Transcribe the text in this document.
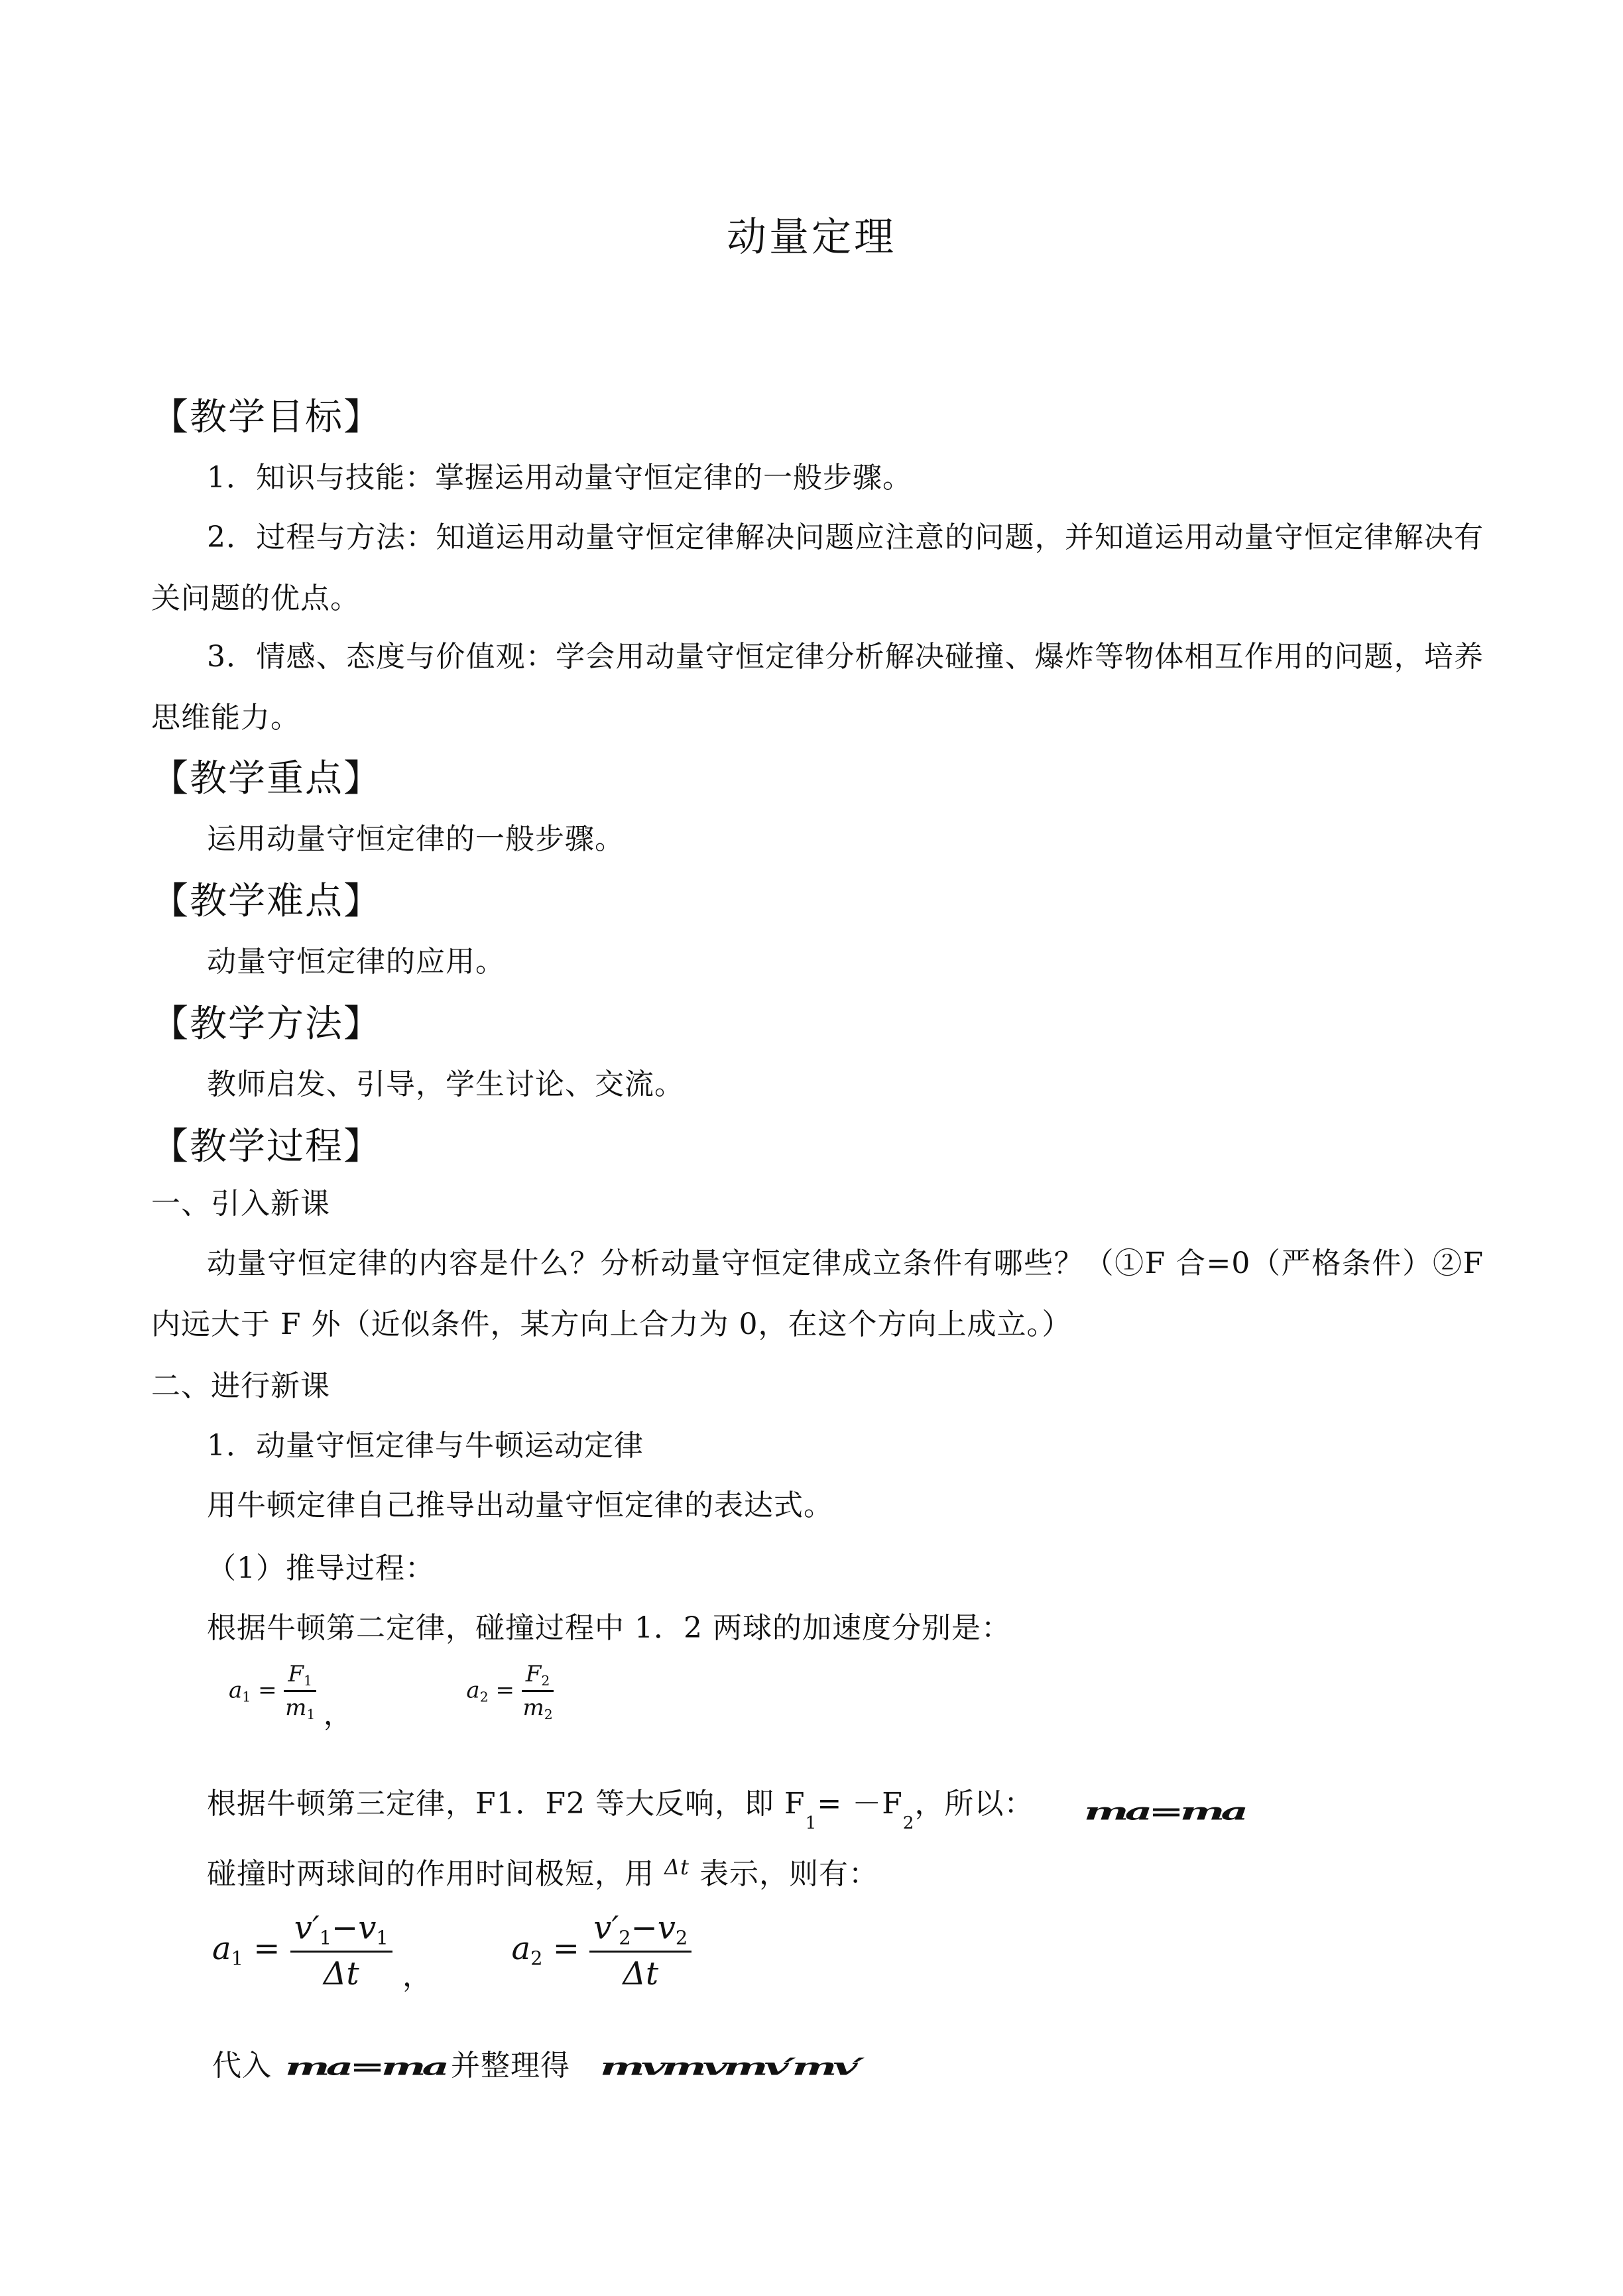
动量定理
【教学目标】
1．知识与技能：掌握运用动量守恒定律的一般步骤。
2．过程与方法：知道运用动量守恒定律解决问题应注意的问题，并知道运用动量守恒定律解决有关问题的优点。
3．情感、态度与价值观：学会用动量守恒定律分析解决碰撞、爆炸等物体相互作用的问题，培养思维能力。
【教学重点】
运用动量守恒定律的一般步骤。
【教学难点】
动量守恒定律的应用。
【教学方法】
教师启发、引导，学生讨论、交流。
【教学过程】
一、引入新课
动量守恒定律的内容是什么？分析动量守恒定律成立条件有哪些？（①F 合=0（严格条件）②F 内远大于 F 外（近似条件，某方向上合力为 0，在这个方向上成立。）
二、进行新课
1．动量守恒定律与牛顿运动定律
用牛顿定律自己推导出动量守恒定律的表达式。
（1）推导过程：
根据牛顿第二定律，碰撞过程中 1．2 两球的加速度分别是：
$a1 = \frac{F1}{m1}$ ，  $a2 = \frac{F2}{m2}$
根据牛顿第三定律，F1．F2 等大反响，即 $F_1= -F_2$，所以： ma=ma
碰撞时两球间的作用时间极短，用 $^{\Delta t}$ 表示，则有：
$a1 = \frac{v'1-v1}{\Delta t}$ ，  $a2 = \frac{v'2-v2}{\Delta t}$
代入	并整理得
ma=ma	mvmvmv′mv′
